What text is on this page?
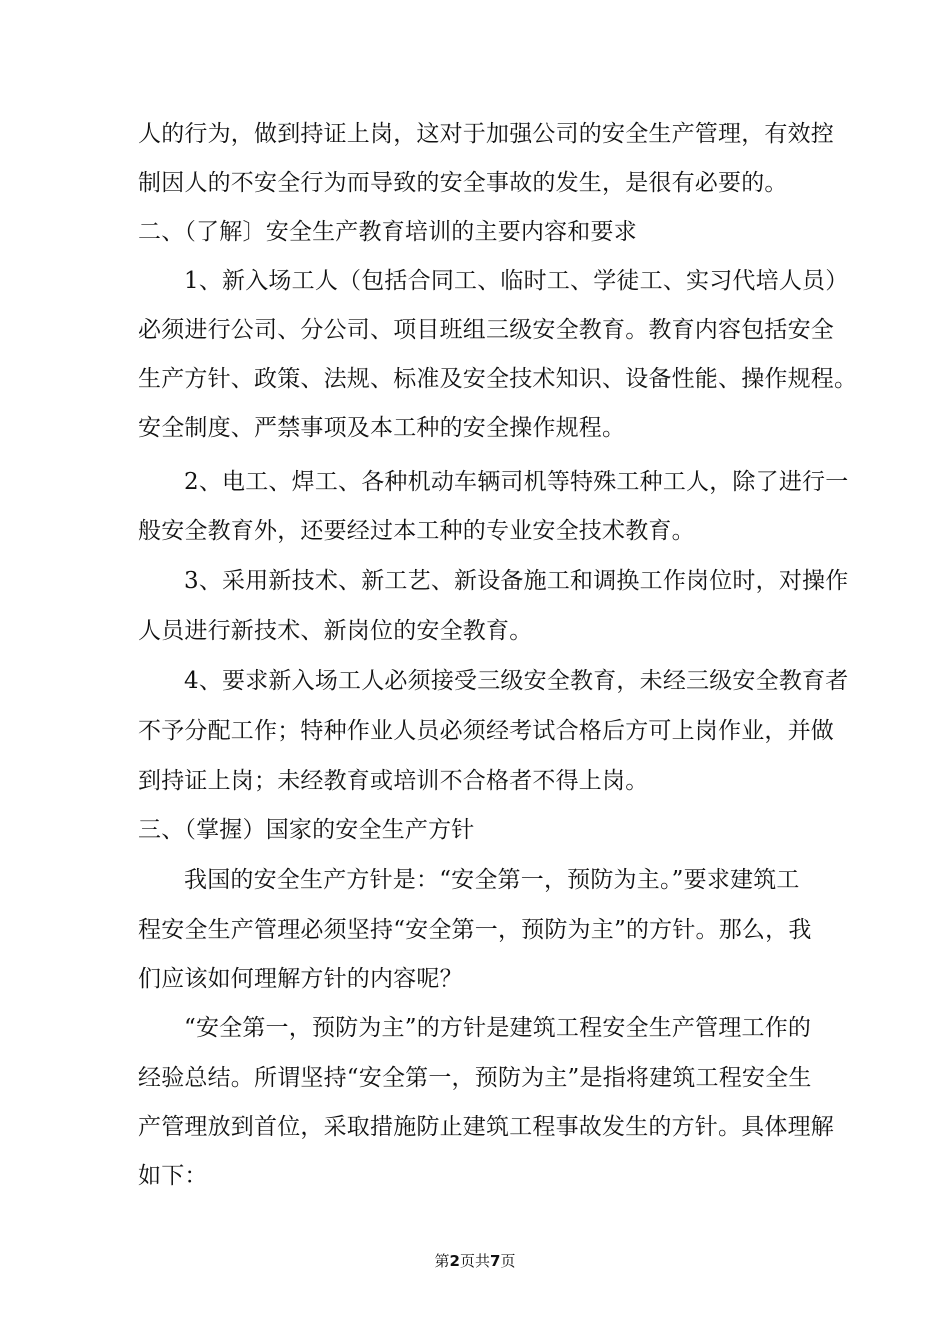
人的行为，做到持证上岗，这对于加强公司的安全生产管理，有效控
制因人的不安全行为而导致的安全事故的发生，是很有必要的。
二、（了解〕安全生产教育培训的主要内容和要求
1、新入场工人（包括合同工、临时工、学徒工、实习代培人员）
必须进行公司、分公司、项目班组三级安全教育。教育内容包括安全
生产方针、政策、法规、标准及安全技术知识、设备性能、操作规程。
安全制度、严禁事项及本工种的安全操作规程。
2、电工、焊工、各种机动车辆司机等特殊工种工人，除了进行一
般安全教育外，还要经过本工种的专业安全技术教育。
3、采用新技术、新工艺、新设备施工和调换工作岗位时，对操作
人员进行新技术、新岗位的安全教育。
4、要求新入场工人必须接受三级安全教育，未经三级安全教育者
不予分配工作；特种作业人员必须经考试合格后方可上岗作业，并做
到持证上岗；未经教育或培训不合格者不得上岗。
三、（掌握）国家的安全生产方针
我国的安全生产方针是：“安全第一，预防为主。”要求建筑工
程安全生产管理必须坚持“安全第一，预防为主”的方针。那么，我
们应该如何理解方针的内容呢？
“安全第一，预防为主”的方针是建筑工程安全生产管理工作的
经验总结。所谓坚持“安全第一，预防为主”是指将建筑工程安全生
产管理放到首位，采取措施防止建筑工程事故发生的方针。具体理解
如下：
第2页共7页
